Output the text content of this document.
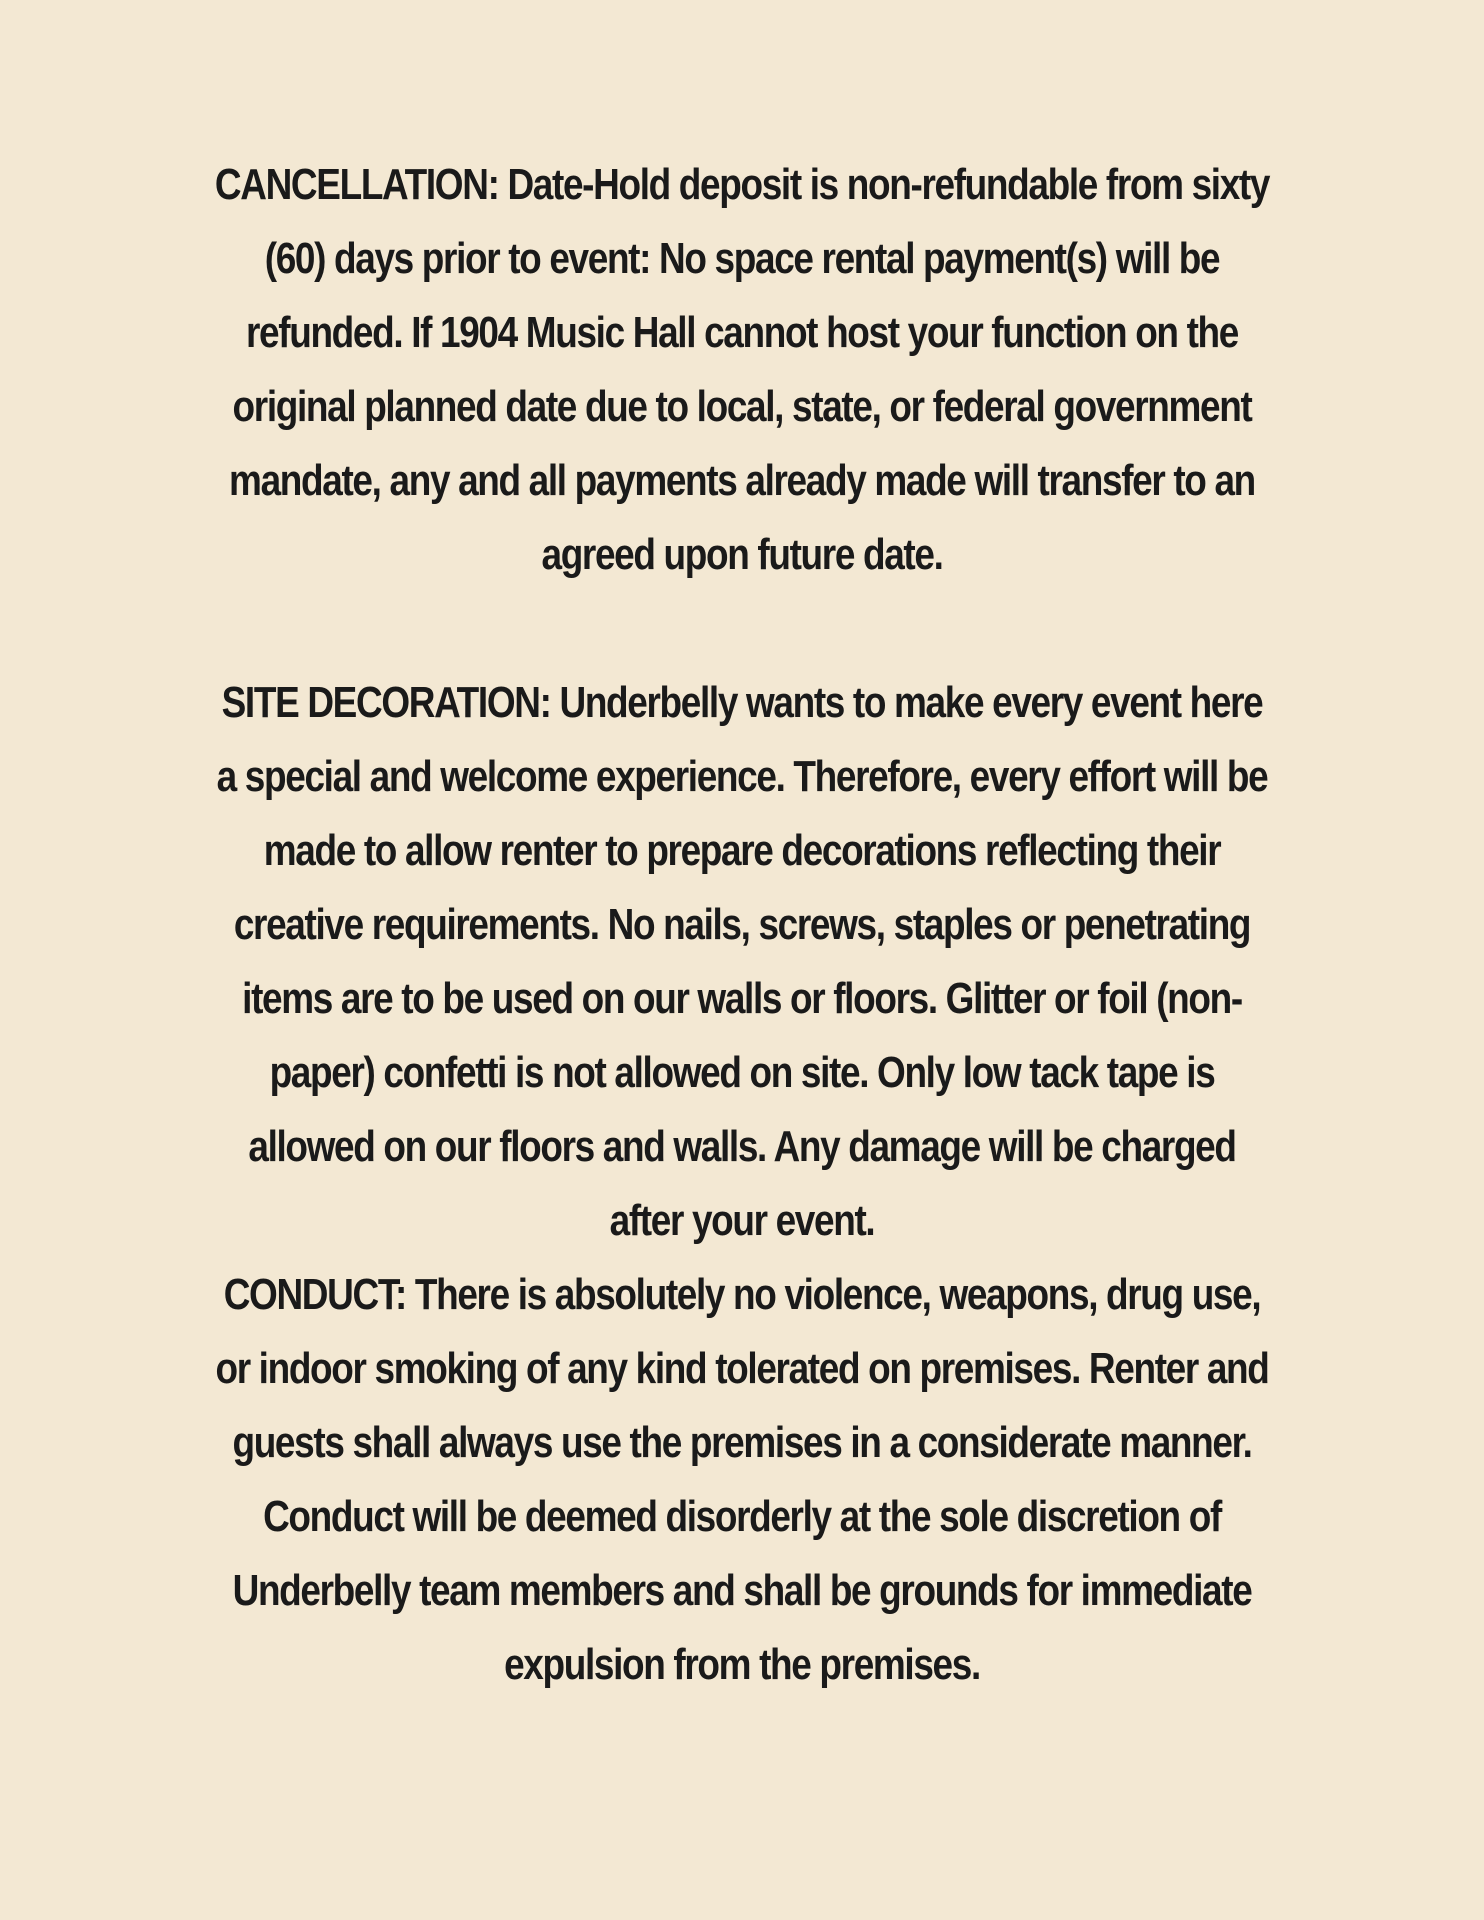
CANCELLATION: Date-Hold deposit is non-refundable from sixty (60) days prior to event: No space rental payment(s) will be refunded. If 1904 Music Hall cannot host your function on the original planned date due to local, state, or federal government mandate, any and all payments already made will transfer to an agreed upon future date.

SITE DECORATION: Underbelly wants to make every event here a special and welcome experience. Therefore, every effort will be made to allow renter to prepare decorations reflecting their creative requirements. No nails, screws, staples or penetrating items are to be used on our walls or floors. Glitter or foil (non-paper) confetti is not allowed on site. Only low tack tape is allowed on our floors and walls. Any damage will be charged after your event.

CONDUCT: There is absolutely no violence, weapons, drug use, or indoor smoking of any kind tolerated on premises. Renter and guests shall always use the premises in a considerate manner. Conduct will be deemed disorderly at the sole discretion of Underbelly team members and shall be grounds for immediate expulsion from the premises.
